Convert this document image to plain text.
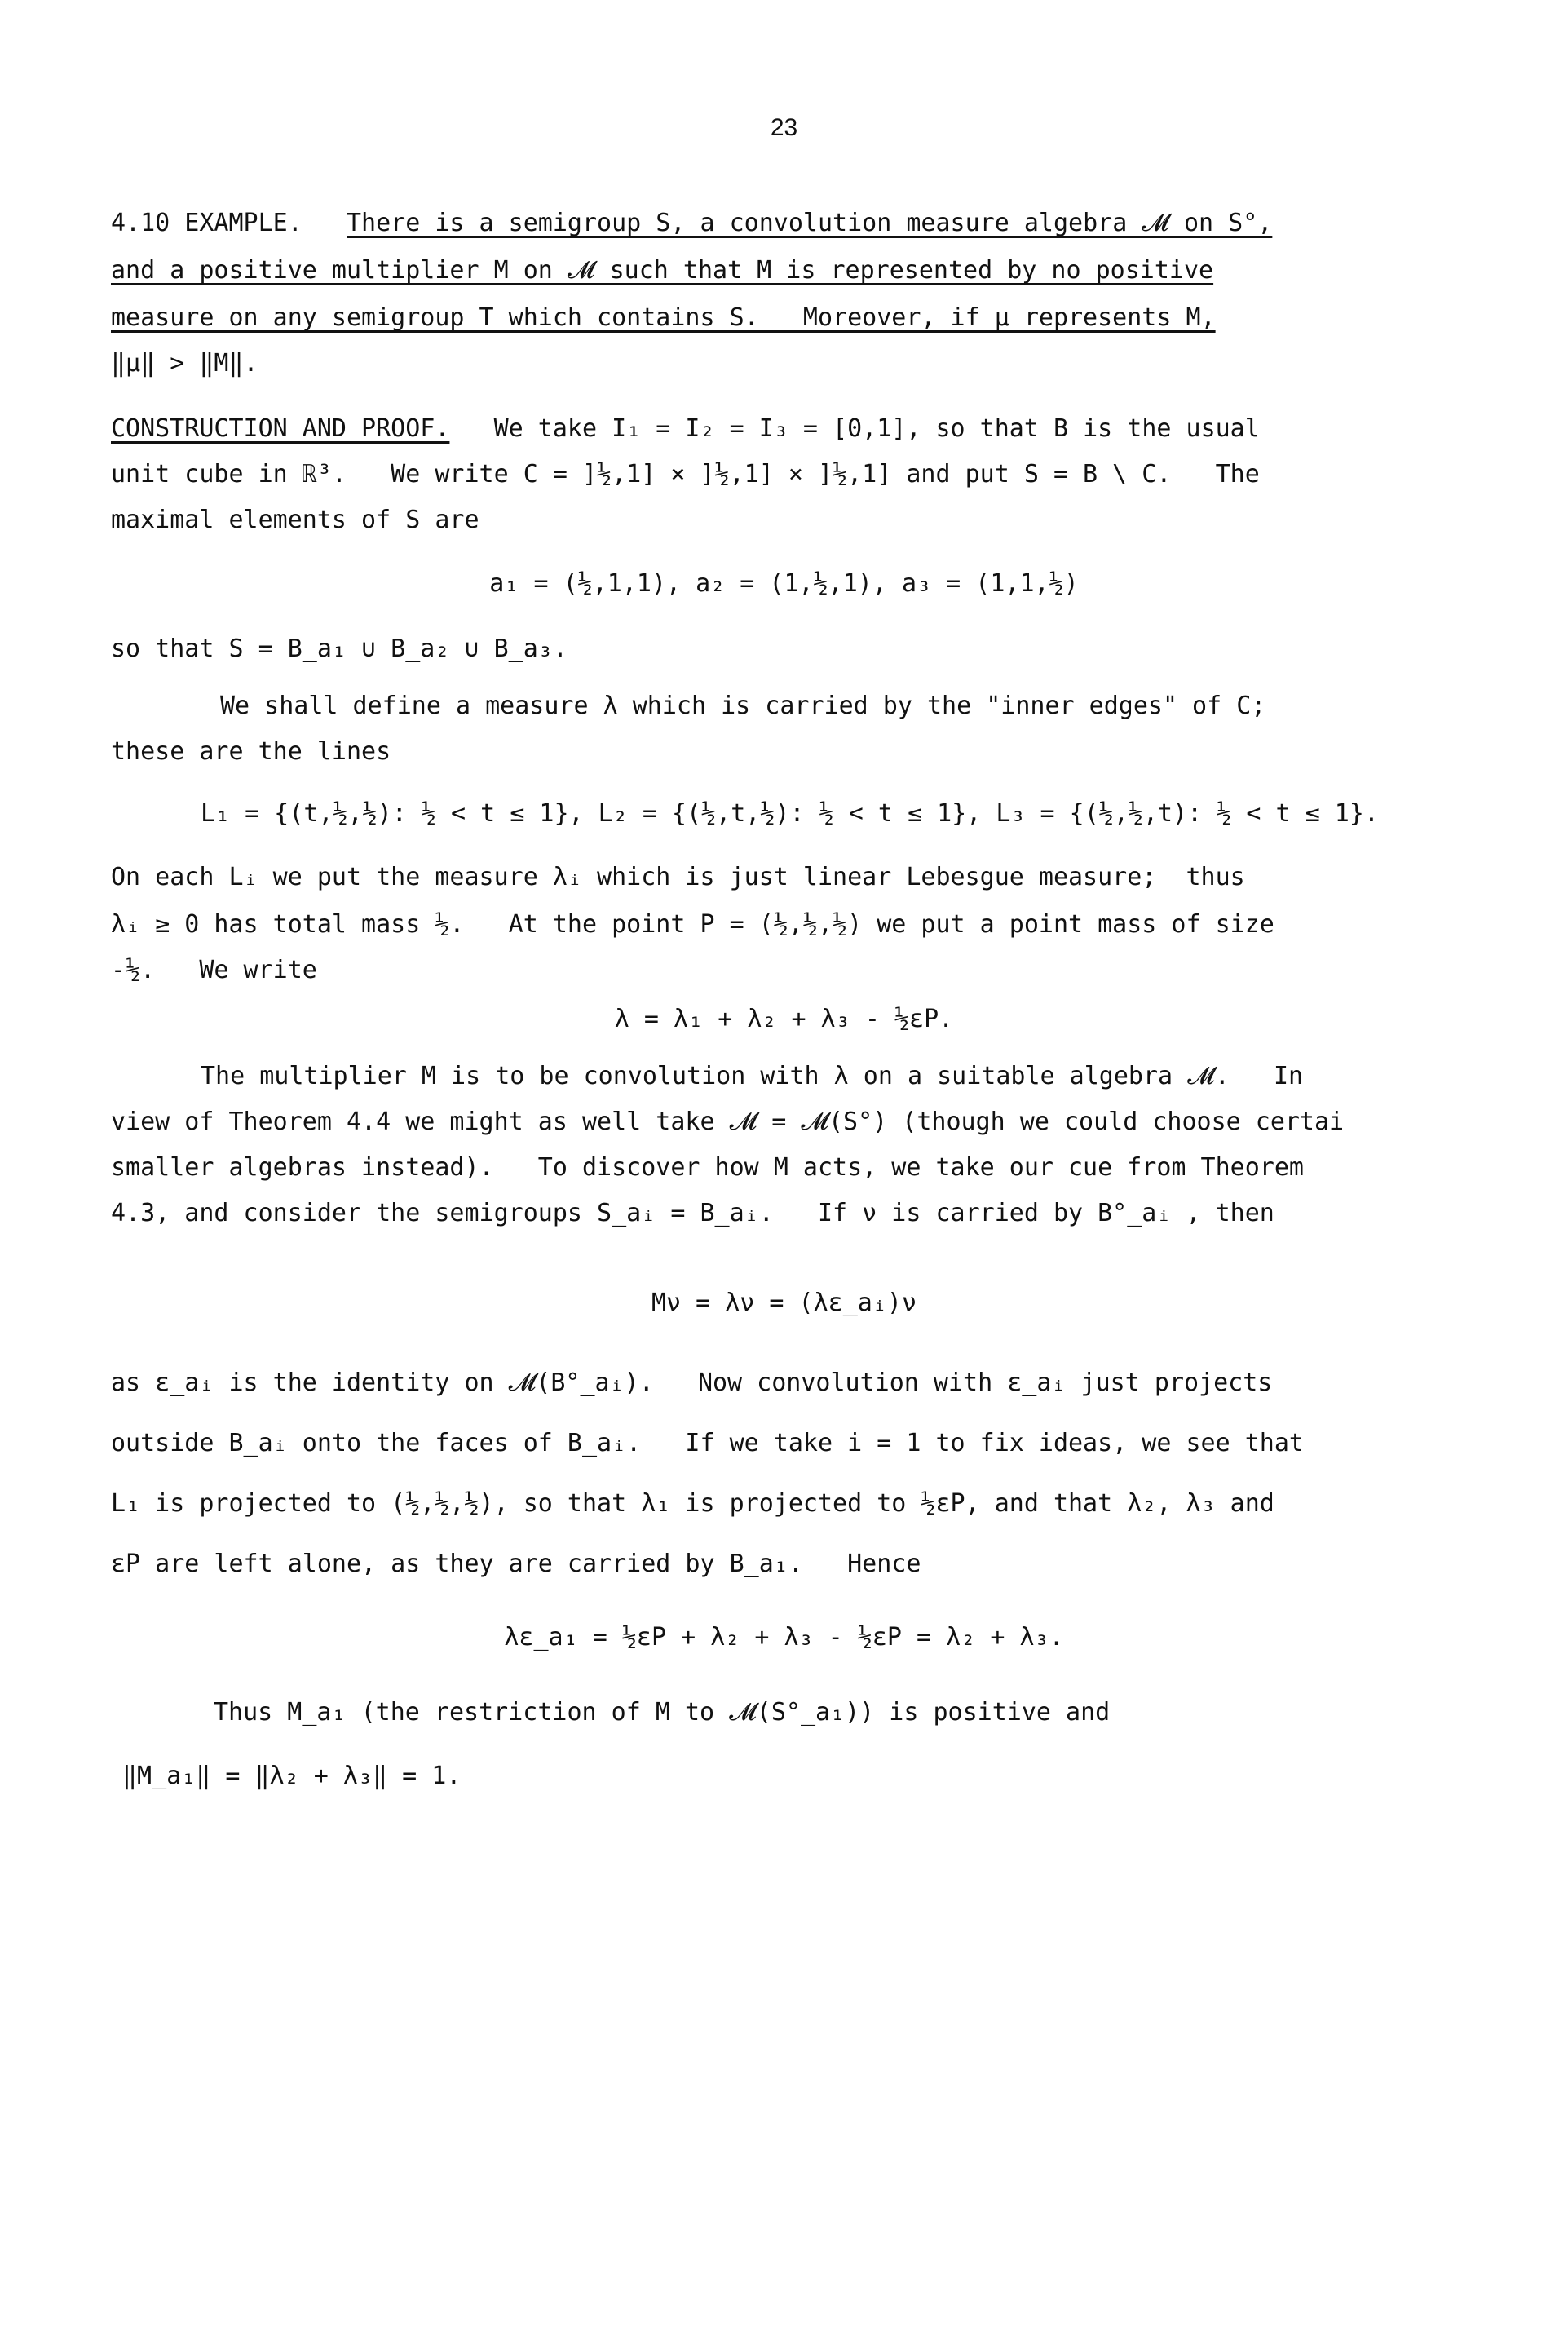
23
4.10 EXAMPLE. There is a semigroup S, a convolution measure algebra 𝓜 on S°,
and a positive multiplier M on 𝓜 such that M is represented by no positive
measure on any semigroup T which contains S.   Moreover, if μ represents M,
‖μ‖ > ‖M‖.
CONSTRUCTION AND PROOF. We take I₁ = I₂ = I₃ = [0,1], so that B is the usual
unit cube in ℝ³.   We write C = ]½,1] × ]½,1] × ]½,1] and put S = B \ C.   The
maximal elements of S are
a₁ = (½,1,1), a₂ = (1,½,1), a₃ = (1,1,½)
so that S = B_a₁ ∪ B_a₂ ∪ B_a₃.
We shall define a measure λ which is carried by the "inner edges" of C;
these are the lines
L₁ = {(t,½,½): ½ < t ≤ 1}, L₂ = {(½,t,½): ½ < t ≤ 1}, L₃ = {(½,½,t): ½ < t ≤ 1}.
On each Lᵢ we put the measure λᵢ which is just linear Lebesgue measure;  thus
λᵢ ≥ 0 has total mass ½.   At the point P = (½,½,½) we put a point mass of size
-½.   We write
λ = λ₁ + λ₂ + λ₃ - ½εP.
The multiplier M is to be convolution with λ on a suitable algebra 𝓜.   In
view of Theorem 4.4 we might as well take 𝓜 = 𝓜(S°) (though we could choose certai
smaller algebras instead).   To discover how M acts, we take our cue from Theorem
4.3, and consider the semigroups S_aᵢ = B_aᵢ.   If ν is carried by B°_aᵢ , then
Mν = λν = (λε_aᵢ)ν
as ε_aᵢ is the identity on 𝓜(B°_aᵢ).   Now convolution with ε_aᵢ just projects
outside B_aᵢ onto the faces of B_aᵢ.   If we take i = 1 to fix ideas, we see that
L₁ is projected to (½,½,½), so that λ₁ is projected to ½εP, and that λ₂, λ₃ and
εP are left alone, as they are carried by B_a₁.   Hence
λε_a₁ = ½εP + λ₂ + λ₃ - ½εP = λ₂ + λ₃.
Thus M_a₁ (the restriction of M to 𝓜(S°_a₁)) is positive and
‖M_a₁‖ = ‖λ₂ + λ₃‖ = 1.
